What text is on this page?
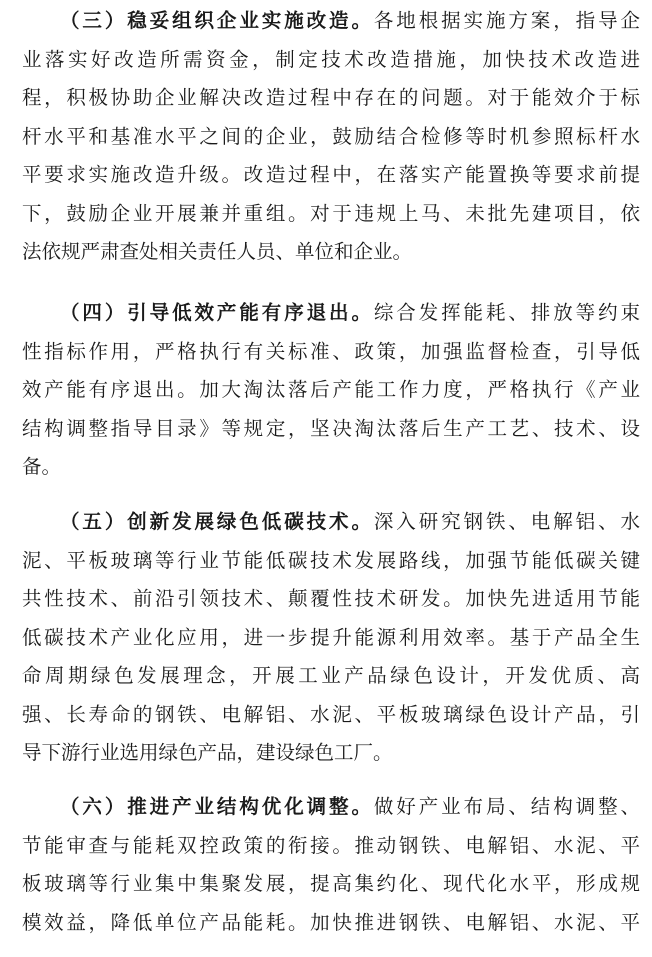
（三）稳妥组织企业实施改造。各地根据实施方案，指导企
业落实好改造所需资金，制定技术改造措施，加快技术改造进
程，积极协助企业解决改造过程中存在的问题。对于能效介于标
杆水平和基准水平之间的企业，鼓励结合检修等时机参照标杆水
平要求实施改造升级。改造过程中，在落实产能置换等要求前提
下，鼓励企业开展兼并重组。对于违规上马、未批先建项目，依
法依规严肃查处相关责任人员、单位和企业。
（四）引导低效产能有序退出。综合发挥能耗、排放等约束
性指标作用，严格执行有关标准、政策，加强监督检查，引导低
效产能有序退出。加大淘汰落后产能工作力度，严格执行《产业
结构调整指导目录》等规定，坚决淘汰落后生产工艺、技术、设
备。
（五）创新发展绿色低碳技术。深入研究钢铁、电解铝、水
泥、平板玻璃等行业节能低碳技术发展路线，加强节能低碳关键
共性技术、前沿引领技术、颠覆性技术研发。加快先进适用节能
低碳技术产业化应用，进一步提升能源利用效率。基于产品全生
命周期绿色发展理念，开展工业产品绿色设计，开发优质、高
强、长寿命的钢铁、电解铝、水泥、平板玻璃绿色设计产品，引
导下游行业选用绿色产品，建设绿色工厂。
（六）推进产业结构优化调整。做好产业布局、结构调整、
节能审查与能耗双控政策的衔接。推动钢铁、电解铝、水泥、平
板玻璃等行业集中集聚发展，提高集约化、现代化水平，形成规
模效益，降低单位产品能耗。加快推进钢铁、电解铝、水泥、平
